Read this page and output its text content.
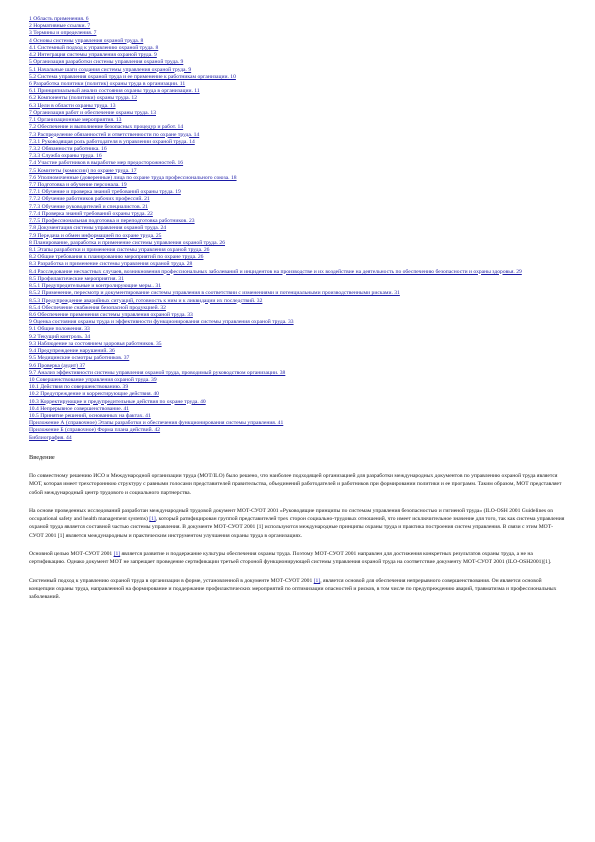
1 Область применения. 6
2 Нормативные ссылки. 7
3 Термины и определения. 7
4 Основы системы управления охраной труда. 8
4.1 Системный подход к управлению охраной труда. 8
4.2 Интеграция системы управления охраной труда. 9
5 Организация разработки системы управления охраной труда. 9
5.1 Начальные шаги создания системы управления охраной труда. 9
5.2 Система управления охраной труда и ее применение к работникам организации. 10
6 Разработка политики (политик) охраны труда в организации. 11
6.1 Принципиальный анализ состояния охраны труда в организации. 11
6.2 Компоненты (политики) охраны труда. 12
6.3 Цели в области охраны труда. 13
7 Организация работ и обеспечение охраны труда. 13
7.1 Организационные мероприятия. 13
7.2 Обеспечение и выполнение безопасных процедур и работ. 14
7.3 Распределение обязанностей и ответственности по охране труда. 14
7.3.1 Руководящая роль работодателя в управлении охраной труда. 14
7.3.2 Обязанности работника. 16
7.3.3 Служба охраны труда. 16
7.4 Участие работников в выработке мер предосторожностей. 16
7.5 Комитеты (комиссии) по охране труда. 17
7.6 Уполномоченные (доверенные) лица по охране труда профессионального союза. 18
7.7 Подготовка и обучение персонала. 19
7.7.1 Обучение и проверка знаний требований охраны труда. 19
7.7.2 Обучение работников рабочих профессий. 21
7.7.3 Обучение руководителей и специалистов. 21
7.7.4 Проверка знаний требований охраны труда. 22
7.7.5 Профессиональная подготовка и переподготовка работников. 23
7.8 Документация системы управления охраной труда. 24
7.9 Передача и обмен информацией по охране труда. 25
8 Планирование, разработка и применение системы управления охраной труда. 26
8.1 Этапы разработки и применения системы управления охраной труда. 26
8.2 Общие требования к планированию мероприятий по охране труда. 26
8.3 Разработка и применение системы управления охраной труда. 28
8.4 Расследование несчастных случаев, возникновения профессиональных заболеваний и инцидентов на производстве и их воздействие на деятельность по обеспечению безопасности и охраны здоровья. 29
8.5 Профилактические мероприятия. 31
8.5.1 Предупредительные и контролирующие меры.. 31
8.5.2 Применение, пересмотр и документирование системы управления в соответствии с изменениями и потенциальными производственными рисками. 31
8.5.3 Предупреждение аварийных ситуаций, готовность к ним и к ликвидации их последствий. 32
8.5.4 Обеспечение снабжения безопасной продукцией. 32
8.6 Обеспечение применения системы управления охраной труда. 33
9 Оценка состояния охраны труда и эффективности функционирования системы управления охраной труда. 33
9.1 Общие положения. 33
9.2 Текущий контроль. 34
9.3 Наблюдение за состоянием здоровья работников. 35
9.4 Предупреждение нарушений. 36
9.5 Медицинские осмотры работников. 37
9.6 Проверка (аудит) 37
9.7 Анализ эффективности системы управления охраной труда, проводимый руководством организации. 38
10 Совершенствование управления охраной труда. 39
10.1 Действия по совершенствованию. 39
10.2 Предупреждение и корректирующие действия. 40
10.3 Корректирующие и предупредительные действия по охране труда. 40
10.4 Непрерывное совершенствование. 41
10.5 Принятие решений, основанных на фактах. 41
Приложение А (справочное) Этапы разработки и обеспечения функционирования системы управления. 41
Приложение Б (справочное) Форма плана действий. 42
Библиография. 44
Введение

По совместному решению ИСО и Международной организации труда (МОТ/ILO) было решено, что наиболее подходящей организацией для разработки международных документов по управлению охраной труда является МОТ, которая имеет трехстороннюю структуру с равными голосами представителей правительства, объединений работодателей и работников при формировании политики и ее программ. Таким образом, МОТ представляет собой международный центр трудового и социального партнерства.

На основе проведенных исследований разработан международный трудовой документ МОТ-СУОТ 2001 «Руководящие принципы по системам управления безопасностью и гигиеной труда» (ILO-OSH 2001 Guidelines on occupational safety and health management systems) [1], который ратифицирован группой представителей трех сторон социально-трудовых отношений, что имеет исключительное значение для того, так как система управления охраной труда является составной частью системы управления. В документе МОТ-СУОТ 2001 [1] используются международные принципы охраны труда и практика построения систем управления. В связи с этим МОТ-СУОТ 2001 [1] является международным и практическим инструментом улучшения охраны труда в организациях.

Основной целью МОТ-СУОТ 2001 [1] является развитие и поддержание культуры обеспечения охраны труда. Поэтому МОТ-СУОТ 2001 направлен для достижения конкретных результатов охраны труда, а не на сертификацию. Однако документ МОТ не запрещает проведение сертификации третьей стороной функционирующей системы управления охраной труда на соответствие документу МОТ-СУОТ 2001 (ILO-OSH2001)[1].

Системный подход к управлению охраной труда в организации в форме, установленной в документе МОТ-СУОТ 2001 [1], является основой для обеспечения непрерывного совершенствования. Он является основой концепции охраны труда, направленной на формирование и поддержание профилактических мероприятий по оптимизации опасностей и рисков, в том числе по предупреждению аварий, травматизма и профессиональных заболеваний.
